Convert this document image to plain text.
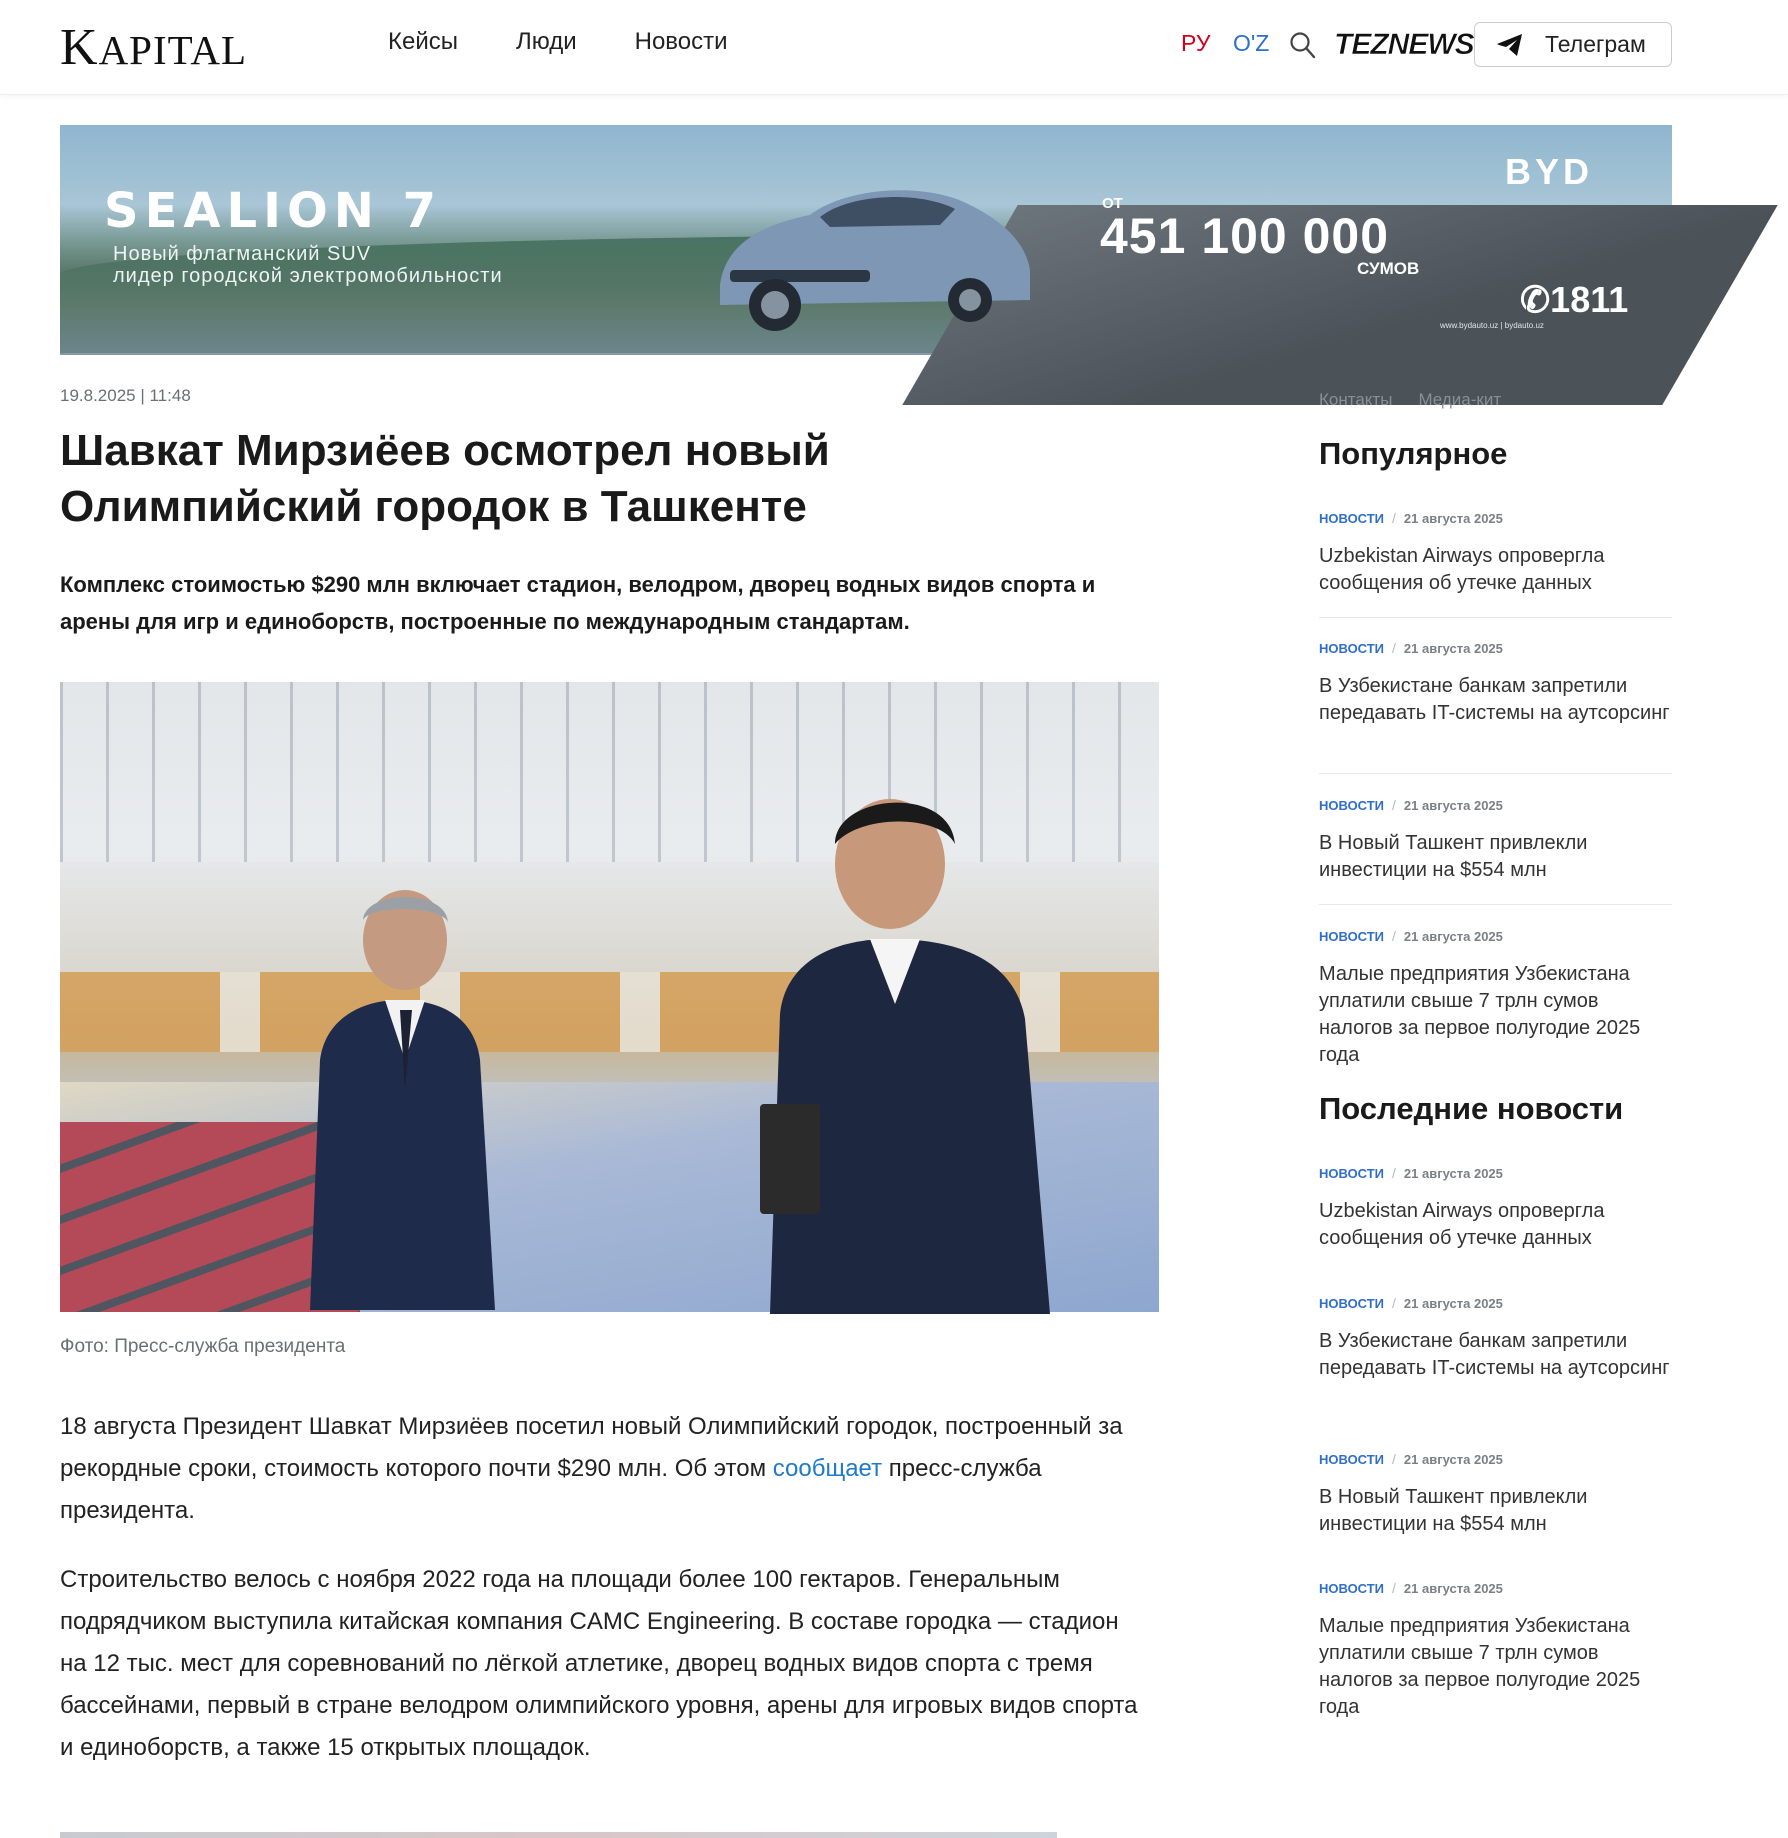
KAPITAL	Кейсы Люди Новости	РУ O'Z TEZNEWS	Телеграм
SEALION 7
Новый флагманский SUV
лидер городской электромобильности
ОТ
451 100 000
СУМОВ
BYD
✆1811
www.bydauto.uz | bydauto.uz
19.8.2025 | 11:48
Шавкат Мирзиёев осмотрел новый Олимпийский городок в Ташкенте

Комплекс стоимостью $290 млн включает стадион, велодром, дворец водных видов спорта и арены для игр и единоборств, построенные по международным стандартам.

Фото: Пресс-служба президента

18 августа Президент Шавкат Мирзиёев посетил новый Олимпийский городок, построенный за рекордные сроки, стоимость которого почти $290 млн. Об этом сообщает пресс-служба президента.

Строительство велось с ноября 2022 года на площади более 100 гектаров. Генеральным подрядчиком выступила китайская компания CAMC Engineering. В составе городка — стадион на 12 тыс. мест для соревнований по лёгкой атлетике, дворец водных видов спорта с тремя бассейнами, первый в стране велодром олимпийского уровня, арены для игровых видов спорта и единоборств, а также 15 открытых площадок.

Контакты Медиа-кит
Популярное
НОВОСТИ / 21 августа 2025
Uzbekistan Airways опровергла сообщения об утечке данных
НОВОСТИ / 21 августа 2025
В Узбекистане банкам запретили передавать IT-системы на аутсорсинг
НОВОСТИ / 21 августа 2025
В Новый Ташкент привлекли инвестиции на $554 млн
НОВОСТИ / 21 августа 2025
Малые предприятия Узбекистана уплатили свыше 7 трлн сумов налогов за первое полугодие 2025 года
Последние новости
НОВОСТИ / 21 августа 2025
Uzbekistan Airways опровергла сообщения об утечке данных
НОВОСТИ / 21 августа 2025
В Узбекистане банкам запретили передавать IT-системы на аутсорсинг
НОВОСТИ / 21 августа 2025
В Новый Ташкент привлекли инвестиции на $554 млн
НОВОСТИ / 21 августа 2025
Малые предприятия Узбекистана уплатили свыше 7 трлн сумов налогов за первое полугодие 2025 года
